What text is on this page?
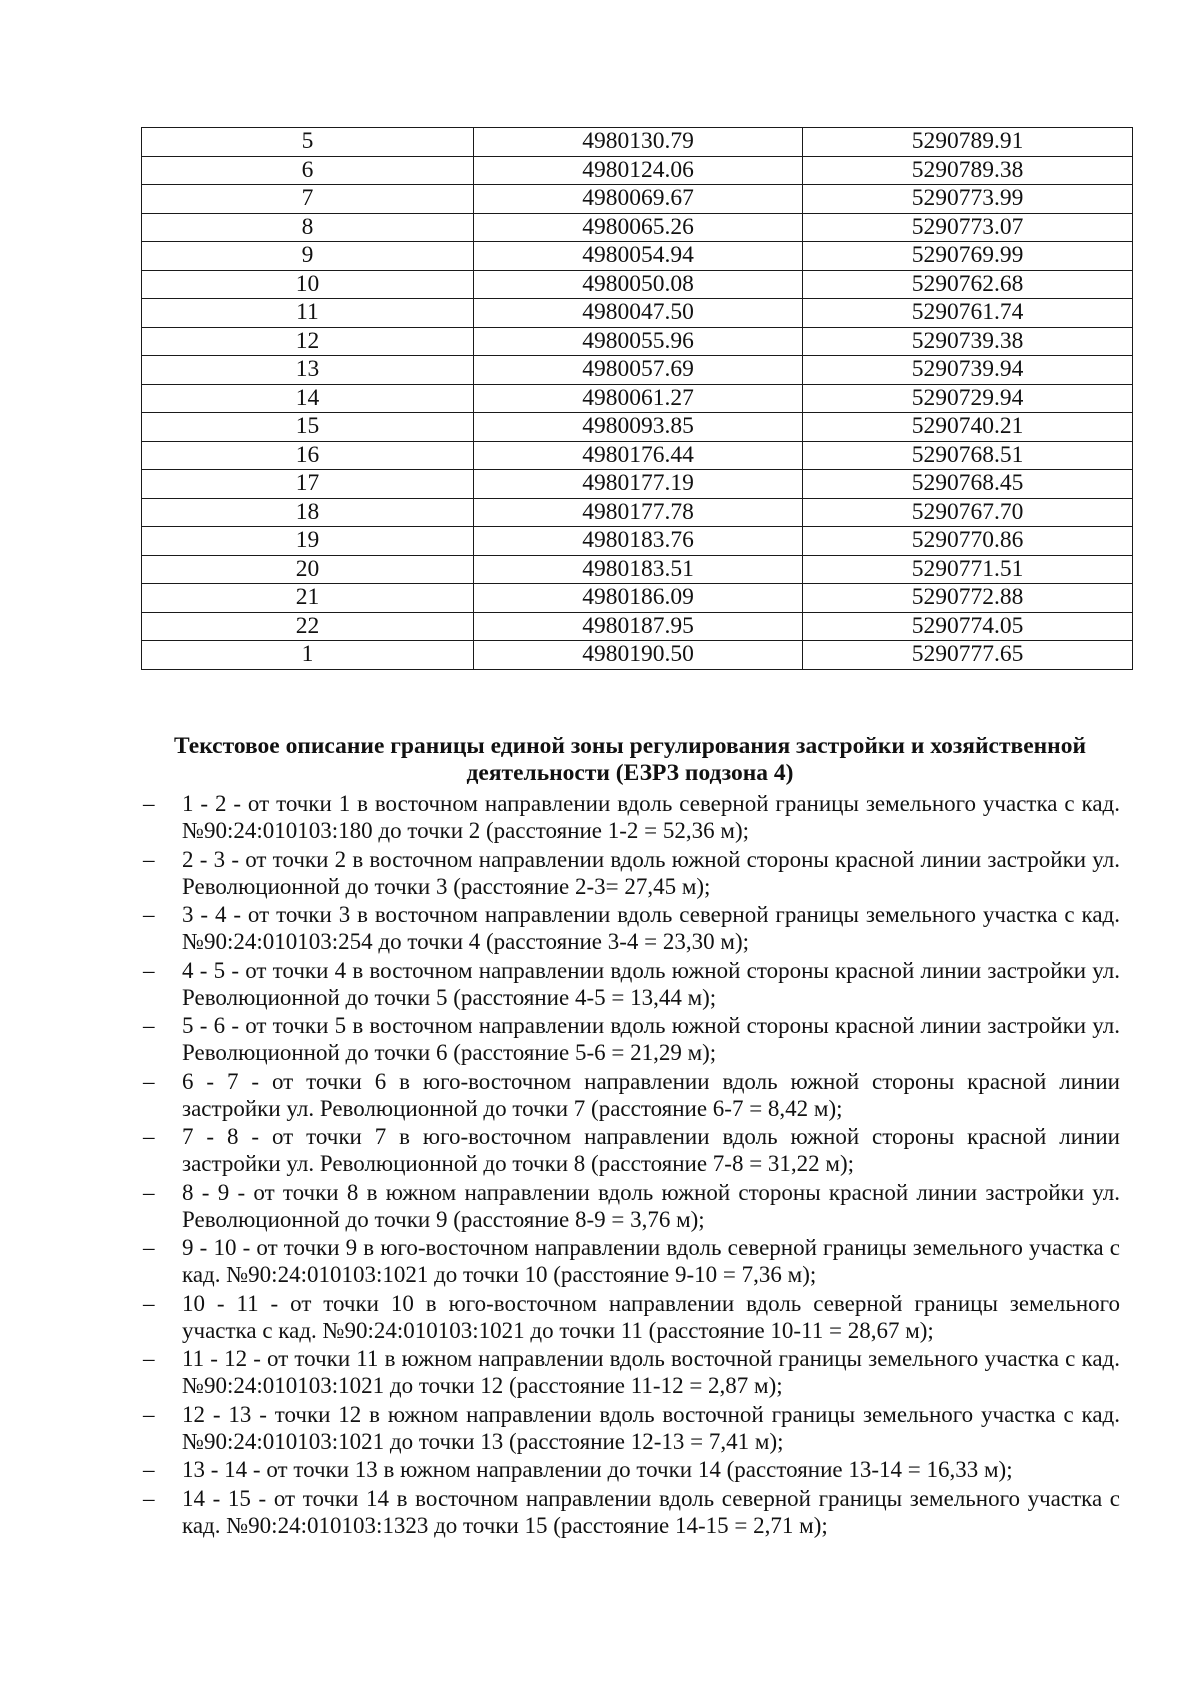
5	4980130.79	5290789.91
6	4980124.06	5290789.38
7	4980069.67	5290773.99
8	4980065.26	5290773.07
9	4980054.94	5290769.99
10	4980050.08	5290762.68
11	4980047.50	5290761.74
12	4980055.96	5290739.38
13	4980057.69	5290739.94
14	4980061.27	5290729.94
15	4980093.85	5290740.21
16	4980176.44	5290768.51
17	4980177.19	5290768.45
18	4980177.78	5290767.70
19	4980183.76	5290770.86
20	4980183.51	5290771.51
21	4980186.09	5290772.88
22	4980187.95	5290774.05
1	4980190.50	5290777.65
Текстовое описание границы единой зоны регулирования застройки и хозяйственной деятельности (ЕЗРЗ подзона 4)
– 1 - 2 - от точки 1 в восточном направлении вдоль северной границы земельного участка с кад. №90:24:010103:180 до точки 2 (расстояние 1-2 = 52,36 м);
– 2 - 3 - от точки 2 в восточном направлении вдоль южной стороны красной линии застройки ул. Революционной до точки 3 (расстояние 2-3= 27,45 м);
– 3 - 4 - от точки 3 в восточном направлении вдоль северной границы земельного участка с кад. №90:24:010103:254 до точки 4 (расстояние 3-4 = 23,30 м);
– 4 - 5 - от точки 4 в восточном направлении вдоль южной стороны красной линии застройки ул. Революционной до точки 5 (расстояние 4-5 = 13,44 м);
– 5 - 6 - от точки 5 в восточном направлении вдоль южной стороны красной линии застройки ул. Революционной до точки 6 (расстояние 5-6 = 21,29 м);
– 6 - 7 - от точки 6 в юго-восточном направлении вдоль южной стороны красной линии застройки ул. Революционной до точки 7 (расстояние 6-7 = 8,42 м);
– 7 - 8 - от точки 7 в юго-восточном направлении вдоль южной стороны красной линии застройки ул. Революционной до точки 8 (расстояние 7-8 = 31,22 м);
– 8 - 9 - от точки 8 в южном направлении вдоль южной стороны красной линии застройки ул. Революционной до точки 9 (расстояние 8-9 = 3,76 м);
– 9 - 10 - от точки 9 в юго-восточном направлении вдоль северной границы земельного участка с кад. №90:24:010103:1021 до точки 10 (расстояние 9-10 = 7,36 м);
– 10 - 11 - от точки 10 в юго-восточном направлении вдоль северной границы земельного участка с кад. №90:24:010103:1021 до точки 11 (расстояние 10-11 = 28,67 м);
– 11 - 12 - от точки 11 в южном направлении вдоль восточной границы земельного участка с кад. №90:24:010103:1021 до точки 12 (расстояние 11-12 = 2,87 м);
– 12 - 13 - точки 12 в южном направлении вдоль восточной границы земельного участка с кад. №90:24:010103:1021 до точки 13 (расстояние 12-13 = 7,41 м);
– 13 - 14 - от точки 13 в южном направлении до точки 14 (расстояние 13-14 = 16,33 м);
– 14 - 15 - от точки 14 в восточном направлении вдоль северной границы земельного участка с кад. №90:24:010103:1323 до точки 15 (расстояние 14-15 = 2,71 м);
